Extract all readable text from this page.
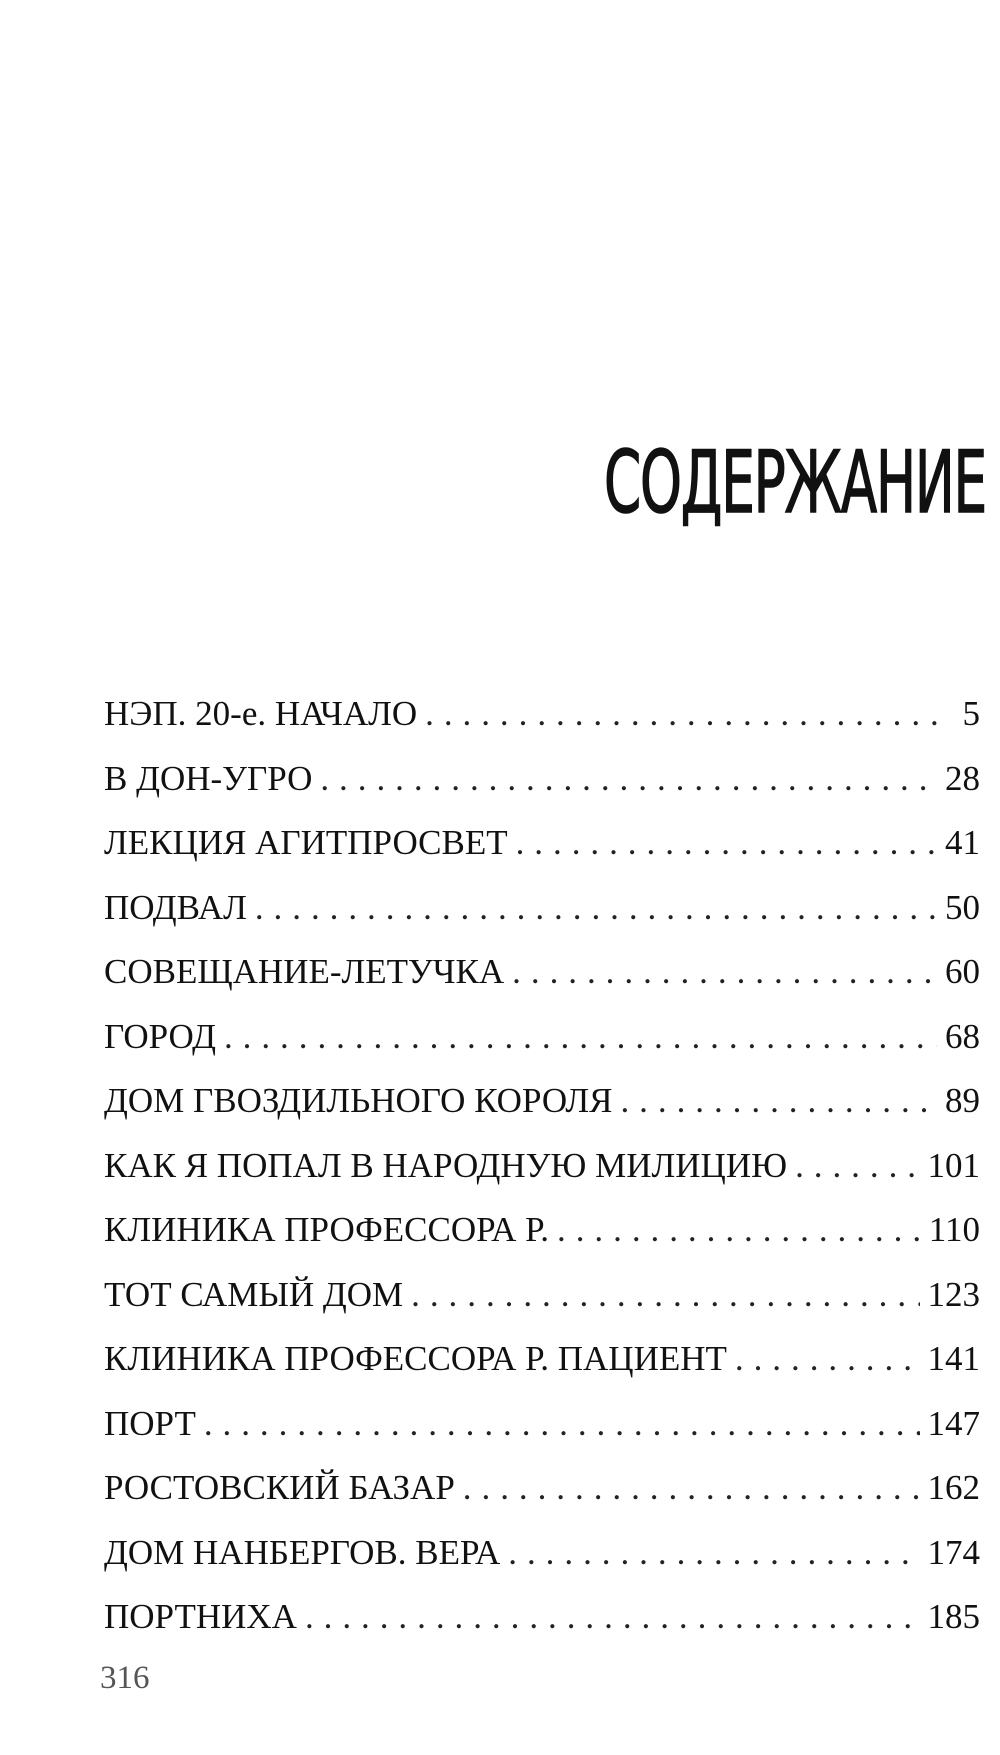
СОДЕРЖАНИЕ
НЭП. 20-е. НАЧАЛО . . .	5
В ДОН-УГРО . . .	28
ЛЕКЦИЯ АГИТПРОСВЕТ . . .	41
ПОДВАЛ . . .	50
СОВЕЩАНИЕ-ЛЕТУЧКА . . .	60
ГОРОД . . .	68
ДОМ ГВОЗДИЛЬНОГО КОРОЛЯ . . .	89
КАК Я ПОПАЛ В НАРОДНУЮ МИЛИЦИЮ . . .	101
КЛИНИКА ПРОФЕССОРА Р. . . .	110
ТОТ САМЫЙ ДОМ . . .	123
КЛИНИКА ПРОФЕССОРА Р. ПАЦИЕНТ . . .	141
ПОРТ . . .	147
РОСТОВСКИЙ БАЗАР . . .	162
ДОМ НАНБЕРГОВ. ВЕРА . . .	174
ПОРТНИХА . . .	185
316
